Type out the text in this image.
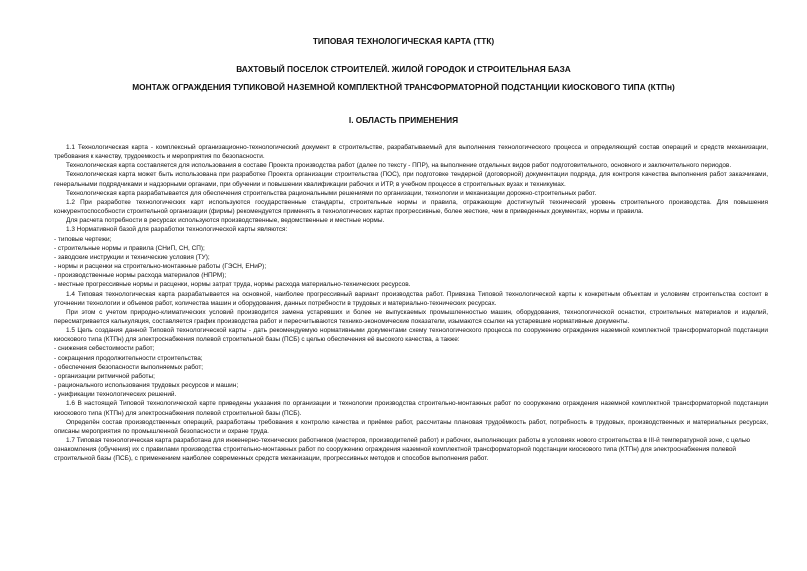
ТИПОВАЯ ТЕХНОЛОГИЧЕСКАЯ КАРТА (ТТК)
ВАХТОВЫЙ ПОСЕЛОК СТРОИТЕЛЕЙ. ЖИЛОЙ ГОРОДОК И СТРОИТЕЛЬНАЯ БАЗА
МОНТАЖ ОГРАЖДЕНИЯ ТУПИКОВОЙ НАЗЕМНОЙ КОМПЛЕКТНОЙ ТРАНСФОРМАТОРНОЙ ПОДСТАНЦИИ КИОСКОВОГО ТИПА (КТПн)
I. ОБЛАСТЬ ПРИМЕНЕНИЯ

1.1 Технологическая карта - комплексный организационно-технологический документ в строительстве, разрабатываемый для выполнения технологического процесса и определяющий состав операций и средств механизации, требования к качеству, трудоемкость и мероприятия по безопасности.

Технологическая карта составляется для использования в составе Проекта производства работ (далее по тексту - ППР), на выполнение отдельных видов работ подготовительного, основного и заключительного периодов.

Технологическая карта может быть использована при разработке Проекта организации строительства (ПОС), при подготовке тендерной (договорной) документации подряда, для контроля качества выполнения работ заказчиками, генеральными подрядчиками и надзорными органами, при обучении и повышении квалификации рабочих и ИТР, в учебном процессе в строительных вузах и техникумах.

Технологическая карта разрабатывается для обеспечения строительства рациональными решениями по организации, технологии и механизации дорожно-строительных работ.

1.2 При разработке технологических карт используются государственные стандарты, строительные нормы и правила, отражающие достигнутый технический уровень строительного производства. Для повышения конкурентоспособности строительной организации (фирмы) рекомендуется применять в технологических картах прогрессивные, более жесткие, чем в приведенных документах, нормы и правила.

Для расчета потребности в ресурсах используются производственные, ведомственные и местные нормы.

1.3 Нормативной базой для разработки технологической карты являются:

- типовые чертежи;

- строительные нормы и правила (СНиП, СН, СП);

- заводские инструкции и технические условия (ТУ);

- нормы и расценки на строительно-монтажные работы (ГЭСН, ЕНиР);

- производственные нормы расхода материалов (НПРМ);

- местные прогрессивные нормы и расценки, нормы затрат труда, нормы расхода материально-технических ресурсов.

1.4 Типовая технологическая карта разрабатывается на основной, наиболее прогрессивный вариант производства работ. Привязка Типовой технологической карты к конкретным объектам и условиям строительства состоит в уточнении технологии и объемов работ, количества машин и оборудования, данных потребности в трудовых и материально-технических ресурсах.

При этом с учетом природно-климатических условий производится замена устаревших и более не выпускаемых промышленностью машин, оборудования, технологической оснастки, строительных материалов и изделий, пересматривается калькуляция, составляется график производства работ и пересчитываются технико-экономические показатели, изымаются ссылки на устаревшие нормативные документы.

1.5 Цель создания данной Типовой технологической карты - дать рекомендуемую нормативными документами схему технологического процесса по сооружению ограждения наземной комплектной трансформаторной подстанции киоскового типа (КТПн) для электроснабжения полевой строительной базы (ПСБ) с целью обеспечения её высокого качества, а также:

- снижения себестоимости работ;

- сокращения продолжительности строительства;

- обеспечения безопасности выполняемых работ;

- организации ритмичной работы;

- рационального использования трудовых ресурсов и машин;

- унификации технологических решений.

1.6 В настоящей Типовой технологической карте приведены указания по организации и технологии производства строительно-монтажных работ по сооружению ограждения наземной комплектной трансформаторной подстанции киоскового типа (КТПн) для электроснабжения полевой строительной базы (ПСБ).

Определён состав производственных операций, разработаны требования к контролю качества и приёмке работ, рассчитаны плановая трудоёмкость работ, потребность в трудовых, производственных и материальных ресурсах, описаны мероприятия по промышленной безопасности и охране труда.

1.7 Типовая технологическая карта разработана для инженерно-технических работников (мастеров, производителей работ) и рабочих, выполняющих работы в условиях нового строительства в III-й температурной зоне, с целью ознакомления (обучения) их с правилами производства строительно-монтажных работ по сооружению ограждения наземной комплектной трансформаторной подстанции киоскового типа (КТПн) для электроснабжения полевой строительной базы (ПСБ), с применением наиболее современных средств механизации, прогрессивных методов и способов выполнения работ.
